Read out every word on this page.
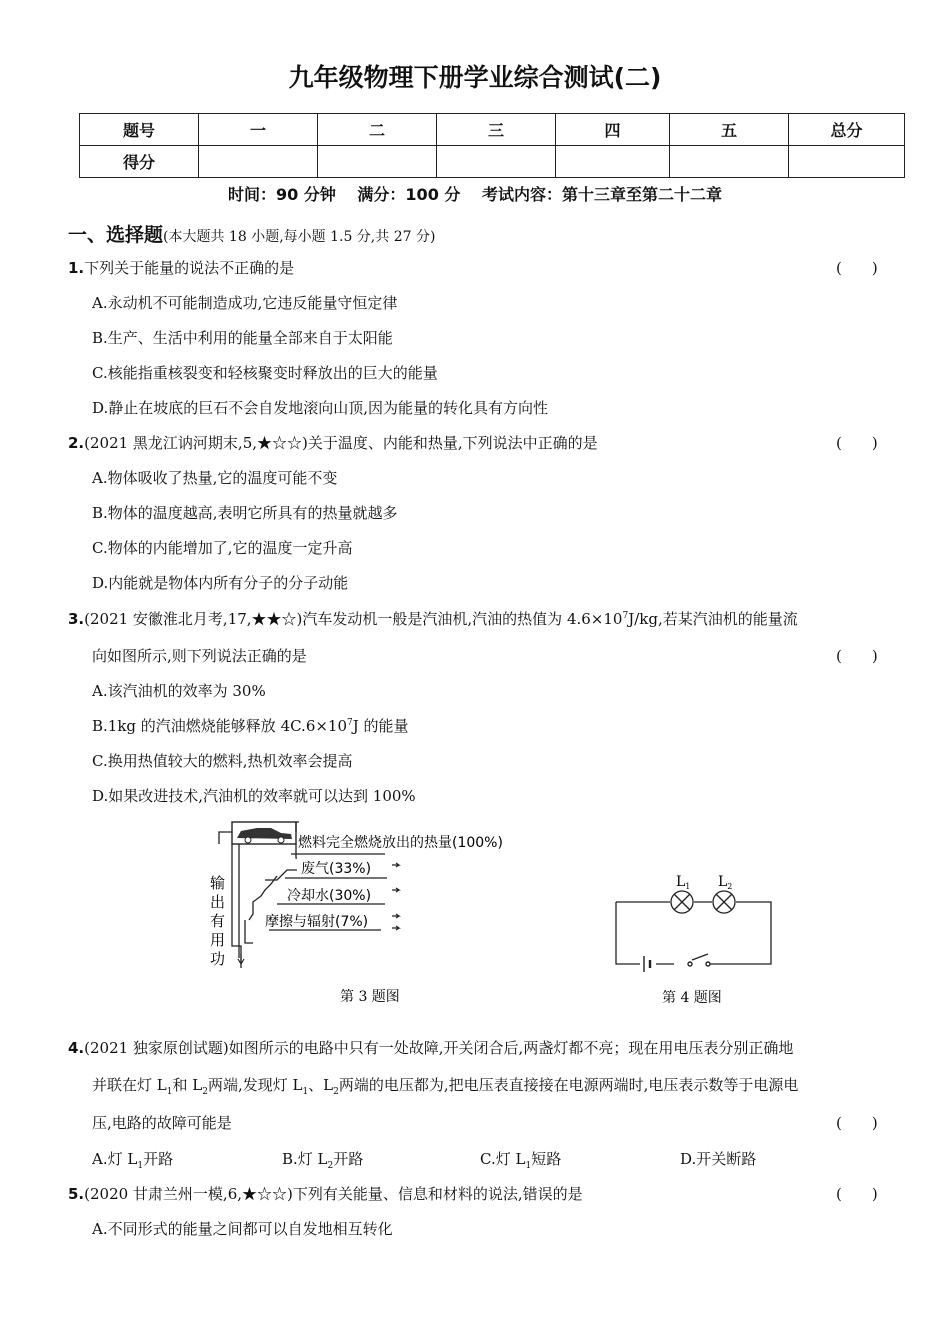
九年级物理下册学业综合测试(二)
题号	一	二	三	四	五	总分
得分						
时间：90 分钟 满分：100 分 考试内容：第十三章至第二十二章
一、选择题(本大题共 18 小题,每小题 1.5 分,共 27 分)
1.下列关于能量的说法不正确的是	(　　)
A.永动机不可能制造成功,它违反能量守恒定律
B.生产、生活中利用的能量全部来自于太阳能
C.核能指重核裂变和轻核聚变时释放出的巨大的能量
D.静止在坡底的巨石不会自发地滚向山顶,因为能量的转化具有方向性
2.(2021 黑龙江讷河期末,5,★☆☆)关于温度、内能和热量,下列说法中正确的是	(　　)
A.物体吸收了热量,它的温度可能不变
B.物体的温度越高,表明它所具有的热量就越多
C.物体的内能增加了,它的温度一定升高
D.内能就是物体内所有分子的分子动能
3.(2021 安徽淮北月考,17,★★☆)汽车发动机一般是汽油机,汽油的热值为 $4.6\times 10^7J/kg$,若某汽油机的能量流
向如图所示,则下列说法正确的是	(　　)
A.该汽油机的效率为 30%
B.1kg 的汽油燃烧能够释放 $4C.6\times 10^7J$ 的能量
C.换用热值较大的燃料,热机效率会提高
D.如果改进技术,汽油机的效率就可以达到 100%
燃料完全燃烧放出的热量(100%)
废气(33%)
冷却水(30%)
摩擦与辐射(7%)
输
出
有
用
功
第 3 题图
$L_1$ $L_2$
第 4 题图
4.(2021 独家原创试题)如图所示的电路中只有一处故障,开关闭合后,两盏灯都不亮；现在用电压表分别正确地
并联在灯 $L_1$和 $L_2$两端,发现灯 $L_1$、$L_2$两端的电压都为,把电压表直接接在电源两端时,电压表示数等于电源电
压,电路的故障可能是	(　　)
A.灯 $L_1$开路	B.灯 $L_2$开路	C.灯 $L_1$短路	D.开关断路
5.(2020 甘肃兰州一模,6,★☆☆)下列有关能量、信息和材料的说法,错误的是	(　　)
A.不同形式的能量之间都可以自发地相互转化
